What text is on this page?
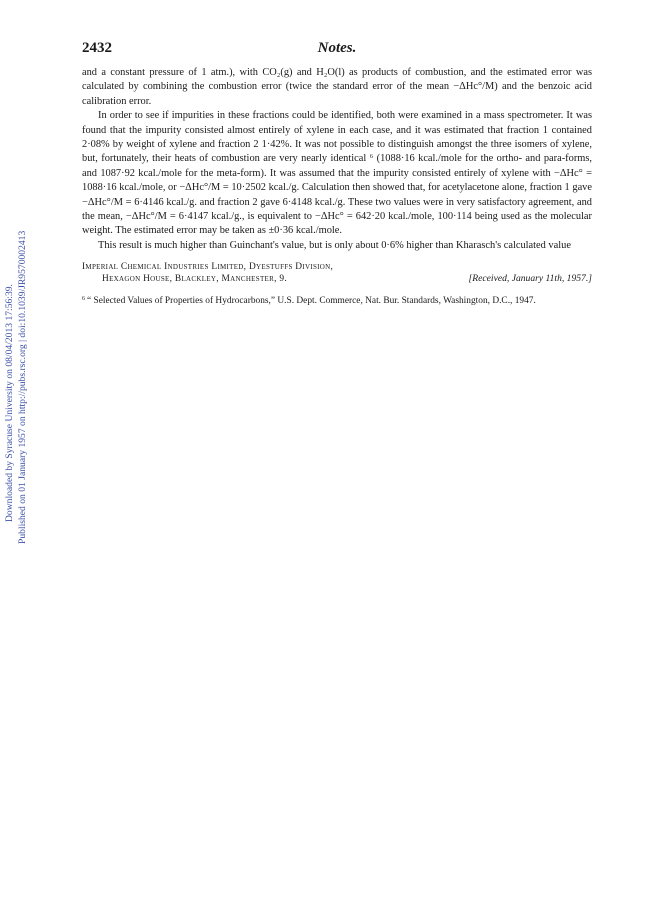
Downloaded by Syracuse University on 08/04/2013 17:56:39. Published on 01 January 1957 on http://pubs.rsc.org | doi:10.1039/JR9570002413
2432	Notes.

and a constant pressure of 1 atm.), with CO₂(g) and H₂O(l) as products of combustion, and the estimated error was calculated by combining the combustion error (twice the standard error of the mean −ΔHc°/M) and the benzoic acid calibration error.

In order to see if impurities in these fractions could be identified, both were examined in a mass spectrometer. It was found that the impurity consisted almost entirely of xylene in each case, and it was estimated that fraction 1 contained 2·08% by weight of xylene and fraction 2 1·42%. It was not possible to distinguish amongst the three isomers of xylene, but, fortunately, their heats of combustion are very nearly identical ⁶ (1088·16 kcal./mole for the ortho- and para-forms, and 1087·92 kcal./mole for the meta-form). It was assumed that the impurity consisted entirely of xylene with −ΔHc° = 1088·16 kcal./mole, or −ΔHc°/M = 10·2502 kcal./g. Calculation then showed that, for acetylacetone alone, fraction 1 gave −ΔHc°/M = 6·4146 kcal./g. and fraction 2 gave 6·4148 kcal./g. These two values were in very satisfactory agreement, and the mean, −ΔHc°/M = 6·4147 kcal./g., is equivalent to −ΔHc° = 642·20 kcal./mole, 100·114 being used as the molecular weight. The estimated error may be taken as ±0·36 kcal./mole.

This result is much higher than Guinchant's value, but is only about 0·6% higher than Kharasch's calculated value

Imperial Chemical Industries Limited, Dyestuffs Division,
Hexagon House, Blackley, Manchester, 9.	[Received, January 11th, 1957.]
$^6$ “ Selected Values of Properties of Hydrocarbons,” U.S. Dept. Commerce, Nat. Bur. Standards, Washington, D.C., 1947.
